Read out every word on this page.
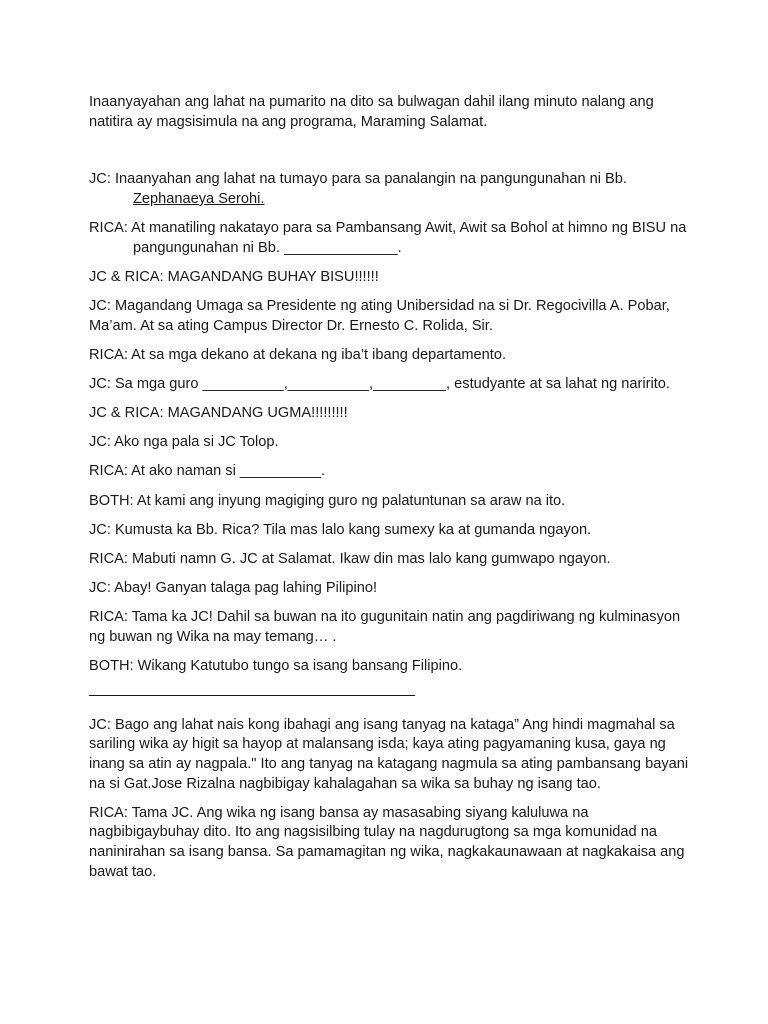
Inaanyayahan ang lahat na pumarito na dito sa bulwagan dahil ilang minuto nalang ang natitira ay magsisimula na ang programa, Maraming Salamat.

JC: Inaanyahan ang lahat na tumayo para sa panalangin na pangungunahan ni Bb. Zephanaeya Serohi.

RICA: At manatiling nakatayo para sa Pambansang Awit, Awit sa Bohol at himno ng BISU na pangungunahan ni Bb. ______________.

JC & RICA: MAGANDANG BUHAY BISU!!!!!!

JC: Magandang Umaga sa Presidente ng ating Unibersidad na si Dr. Regocivilla A. Pobar, Ma’am. At sa ating Campus Director Dr. Ernesto C. Rolida, Sir.

RICA: At sa mga dekano at dekana ng iba’t ibang departamento.

JC: Sa mga guro __________,__________,_________, estudyante at sa lahat ng naririto.

JC & RICA: MAGANDANG UGMA!!!!!!!!!

JC: Ako nga pala si JC Tolop.

RICA: At ako naman si __________.

BOTH: At kami ang inyung magiging guro ng palatuntunan sa araw na ito.

JC: Kumusta ka Bb. Rica? Tila mas lalo kang sumexy ka at gumanda ngayon.

RICA: Mabuti namn G. JC at Salamat. Ikaw din mas lalo kang gumwapo ngayon.

JC: Abay! Ganyan talaga pag lahing Pilipino!

RICA: Tama ka JC! Dahil sa buwan na ito gugunitain natin ang pagdiriwang ng kulminasyon ng buwan ng Wika na may temang… .

BOTH: Wikang Katutubo tungo sa isang bansang Filipino.

JC: Bago ang lahat nais kong ibahagi ang isang tanyag na kataga” Ang hindi magmahal sa sariling wika ay higit sa hayop at malansang isda; kaya ating pagyamaning kusa, gaya ng inang sa atin ay nagpala." Ito ang tanyag na katagang nagmula sa ating pambansang bayani na si Gat.Jose Rizalna nagbibigay kahalagahan sa wika sa buhay ng isang tao.

RICA: Tama JC. Ang wika ng isang bansa ay masasabing siyang kaluluwa na nagbibigaybuhay dito. Ito ang nagsisilbing tulay na nagdurugtong sa mga komunidad na naninirahan sa isang bansa. Sa pamamagitan ng wika, nagkakaunawaan at nagkakaisa ang bawat tao.
